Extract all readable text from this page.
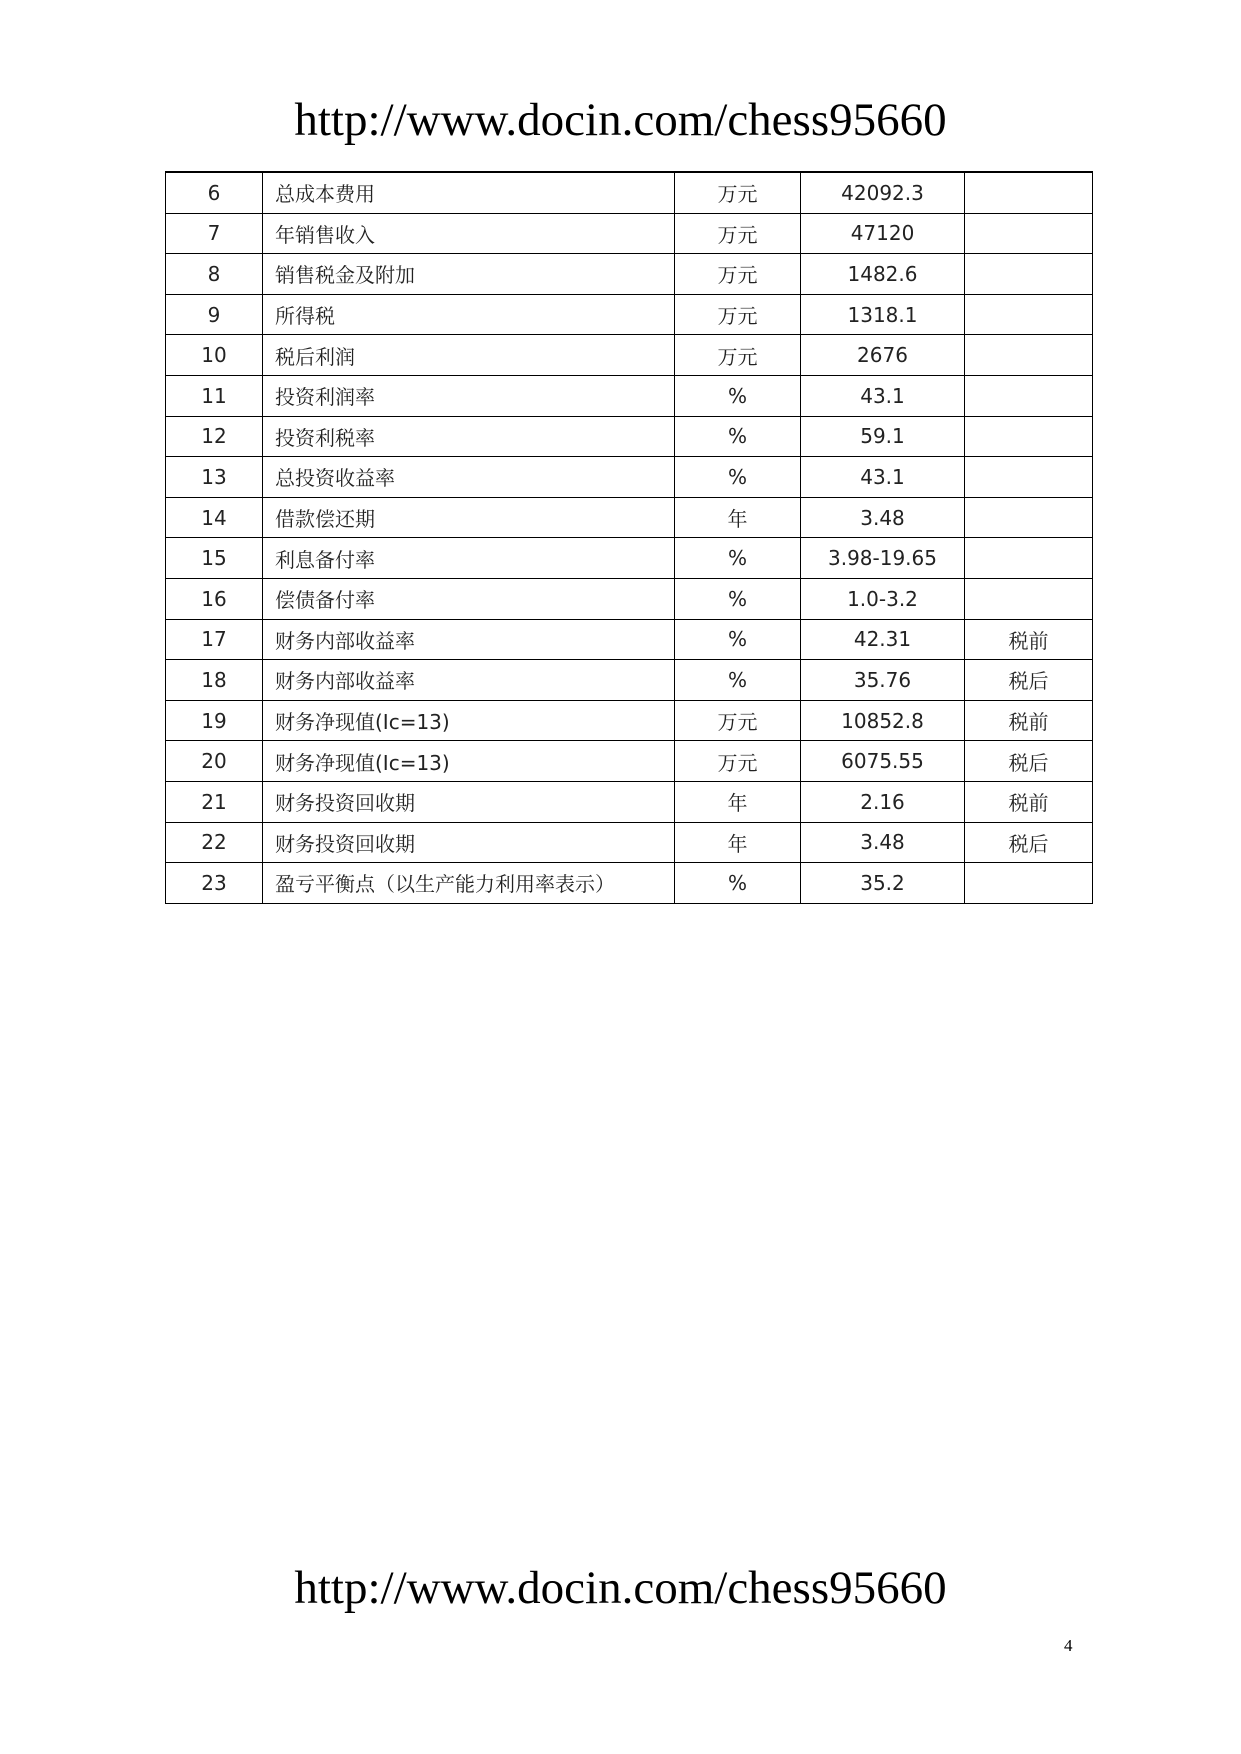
http://www.docin.com/chess95660
6	总成本费用	万元	42092.3	
7	年销售收入	万元	47120	
8	销售税金及附加	万元	1482.6	
9	所得税	万元	1318.1	
10	税后利润	万元	2676	
11	投资利润率	%	43.1	
12	投资利税率	%	59.1	
13	总投资收益率	%	43.1	
14	借款偿还期	年	3.48	
15	利息备付率	%	3.98-19.65	
16	偿债备付率	%	1.0-3.2	
17	财务内部收益率	%	42.31	税前
18	财务内部收益率	%	35.76	税后
19	财务净现值(Ic=13)	万元	10852.8	税前
20	财务净现值(Ic=13)	万元	6075.55	税后
21	财务投资回收期	年	2.16	税前
22	财务投资回收期	年	3.48	税后
23	盈亏平衡点（以生产能力利用率表示）	%	35.2	
http://www.docin.com/chess95660
4
